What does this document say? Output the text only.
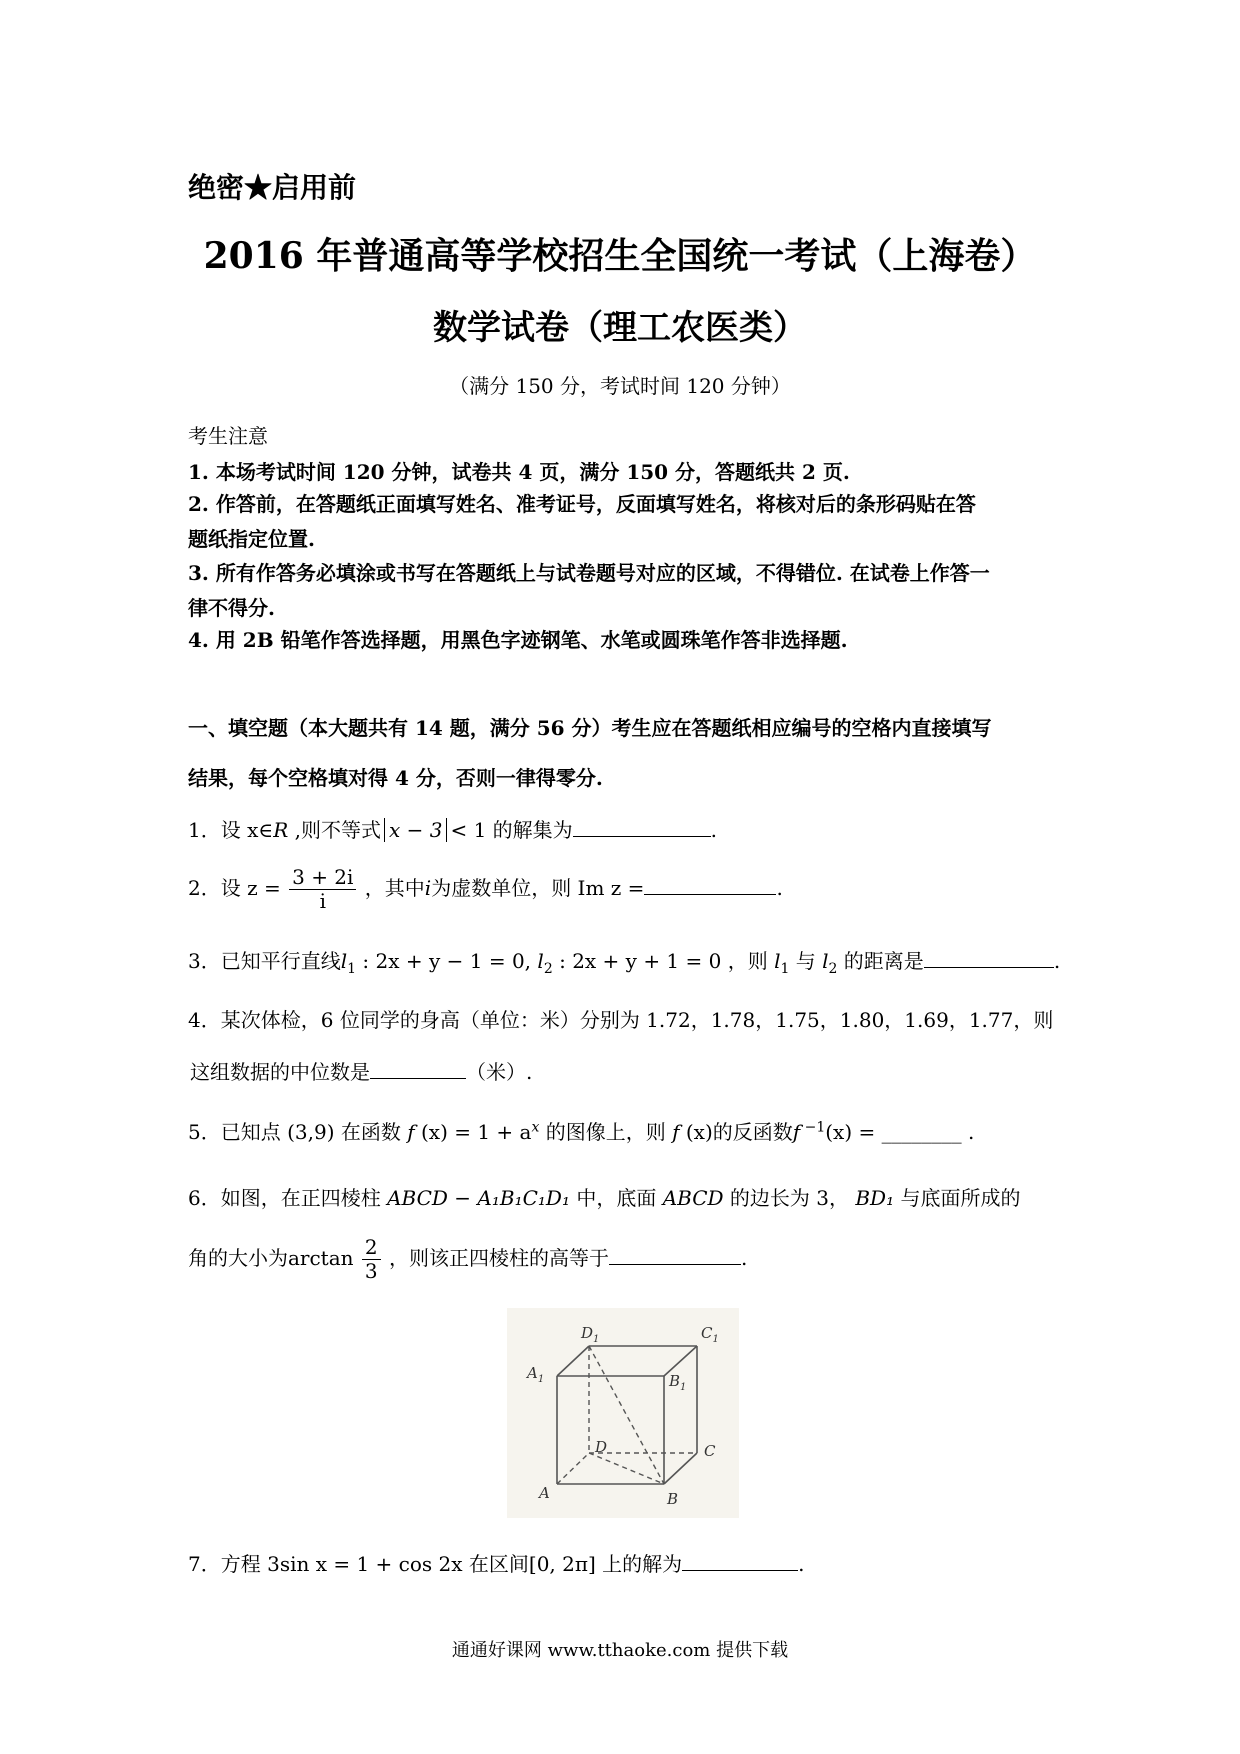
绝密★启用前
2016 年普通高等学校招生全国统一考试（上海卷）
数学试卷（理工农医类）
（满分 150 分，考试时间 120 分钟）
考生注意
1. 本场考试时间 120 分钟，试卷共 4 页，满分 150 分，答题纸共 2 页.
2. 作答前，在答题纸正面填写姓名、准考证号，反面填写姓名，将核对后的条形码贴在答
题纸指定位置.
3. 所有作答务必填涂或书写在答题纸上与试卷题号对应的区域，不得错位. 在试卷上作答一
律不得分.
4. 用 2B 铅笔作答选择题，用黑色字迹钢笔、水笔或圆珠笔作答非选择题.
一、填空题（本大题共有 14 题，满分 56 分）考生应在答题纸相应编号的空格内直接填写
结果，每个空格填对得 4 分，否则一律得零分.
1．设 x∈R ,则不等式 x − 3 < 1 的解集为	.
2．设 $z = \frac{3 + 2i}{i}$ ，其中i为虚数单位，则 Im z =	.
3．已知平行直线$l_1$ : 2x + y − 1 = 0, $l_2$ : 2x + y + 1 = 0 ，则 $l_1$ 与 $l_2$ 的距离是	.
4．某次体检，6 位同学的身高（单位：米）分别为 1.72，1.78，1.75，1.80，1.69，1.77，则
这组数据的中位数是	（米）.
5．已知点 (3,9) 在函数 f $(x) = 1 + a^x$ 的图像上，则 f (x)的反函数f $^{-1}$(x) = ________ .
6．如图，在正四棱柱 ABCD − A₁B₁C₁D₁ 中，底面 ABCD 的边长为 3， BD₁ 与底面所成的
角的大小为$\arctan \frac{2}{3}$ ，则该正四棱柱的高等于	.
$D_1$	$C_1$
$A_1$	$B_1$
D	C
A	B
7．方程 3sin x = 1 + cos 2x 在区间[0, 2π] 上的解为	.
通通好课网 www.tthaoke.com 提供下载
